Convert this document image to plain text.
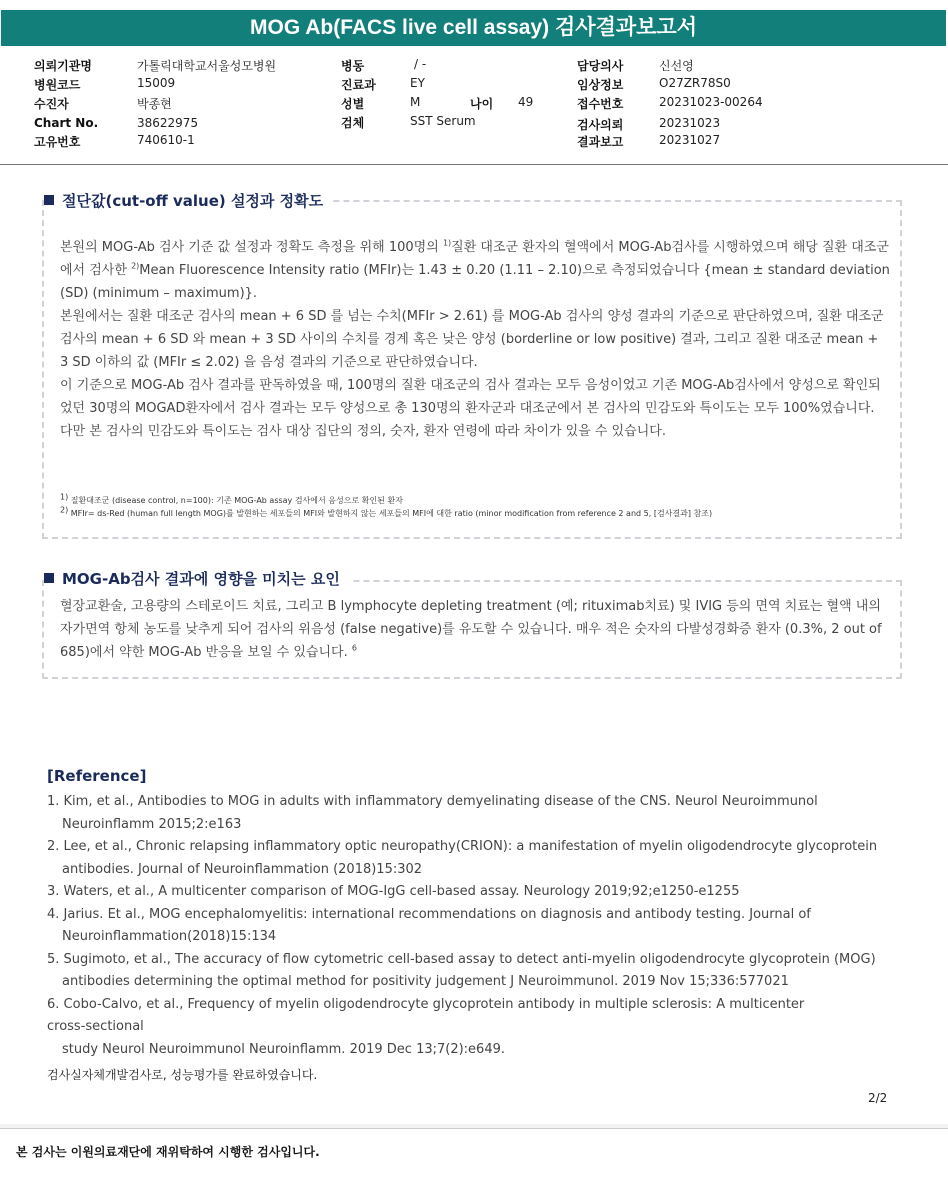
MOG Ab(FACS live cell assay) 검사결과보고서
의뢰기관명	가톨릭대학교서울성모병원
병원코드	15009
수진자	박종현
Chart No.	38622975
고유번호	740610-1
병동	/ -
진료과	EY
성별	M	나이 49
검체	SST Serum
담당의사	신선영
임상정보	O27ZR78S0
접수번호	20231023-00264
검사의뢰	20231023
결과보고	20231027
절단값(cut-off value) 설정과 정확도

본원의 MOG-Ab 검사 기준 값 설정과 정확도 측정을 위해 100명의 $^{1)}$질환 대조군 환자의 혈액에서 MOG-Ab검사를 시행하였으며 해당 질환 대조군에서 검사한 $^{2)}$Mean Fluorescence Intensity ratio (MFIr)는 1.43 ± 0.20 (1.11 – 2.10)으로 측정되었습니다 {mean ± standard deviation (SD) (minimum – maximum)}.

본원에서는 질환 대조군 검사의 mean + 6 SD 를 넘는 수치(MFIr > 2.61) 를 MOG-Ab 검사의 양성 결과의 기준으로 판단하였으며, 질환 대조군 검사의 mean + 6 SD 와 mean + 3 SD 사이의 수치를 경계 혹은 낮은 양성 (borderline or low positive) 결과, 그리고 질환 대조군 mean + 3 SD 이하의 값 (MFIr ≤ 2.02) 을 음성 결과의 기준으로 판단하였습니다.

이 기준으로 MOG-Ab 검사 결과를 판독하였을 때, 100명의 질환 대조군의 검사 결과는 모두 음성이었고 기존 MOG-Ab검사에서 양성으로 확인되었던 30명의 MOGAD환자에서 검사 결과는 모두 양성으로 총 130명의 환자군과 대조군에서 본 검사의 민감도와 특이도는 모두 100%였습니다. 다만 본 검사의 민감도와 특이도는 검사 대상 집단의 정의, 숫자, 환자 연령에 따라 차이가 있을 수 있습니다.

$^{1)}$ 질환대조군 (disease control, n=100): 기존 MOG-Ab assay 검사에서 음성으로 확인된 환자
$^{2)}$ MFIr= ds-Red (human full length MOG)를 발현하는 세포들의 MFI와 발현하지 않는 세포들의 MFI에 대한 ratio (minor modification from reference 2 and 5, [검사결과] 참조)
MOG-Ab검사 결과에 영향을 미치는 요인

혈장교환술, 고용량의 스테로이드 치료, 그리고 B lymphocyte depleting treatment (예; rituximab치료) 및 IVIG 등의 면역 치료는 혈액 내의 자가면역 항체 농도를 낮추게 되어 검사의 위음성 (false negative)를 유도할 수 있습니다. 매우 적은 숫자의 다발성경화증 환자 (0.3%, 2 out of 685)에서 약한 MOG-Ab 반응을 보일 수 있습니다. $^6$

[Reference]
1. Kim, et al., Antibodies to MOG in adults with inflammatory demyelinating disease of the CNS. Neurol Neuroimmunol
Neuroinflamm 2015;2:e163
2. Lee, et al., Chronic relapsing inflammatory optic neuropathy(CRION): a manifestation of myelin oligodendrocyte glycoprotein
antibodies. Journal of Neuroinflammation (2018)15:302
3. Waters, et al., A multicenter comparison of MOG-IgG cell-based assay. Neurology 2019;92;e1250-e1255
4. Jarius. Et al., MOG encephalomyelitis: international recommendations on diagnosis and antibody testing. Journal of
Neuroinflammation(2018)15:134
5. Sugimoto, et al., The accuracy of flow cytometric cell-based assay to detect anti-myelin oligodendrocyte glycoprotein (MOG)
antibodies determining the optimal method for positivity judgement J Neuroimmunol. 2019 Nov 15;336:577021
6. Cobo-Calvo, et al., Frequency of myelin oligodendrocyte glycoprotein antibody in multiple sclerosis: A multicenter
cross-sectional
study Neurol Neuroimmunol Neuroinflamm. 2019 Dec 13;7(2):e649.
검사실자체개발검사로, 성능평가를 완료하였습니다.
2/2
본 검사는 이원의료재단에 재위탁하여 시행한 검사입니다.
